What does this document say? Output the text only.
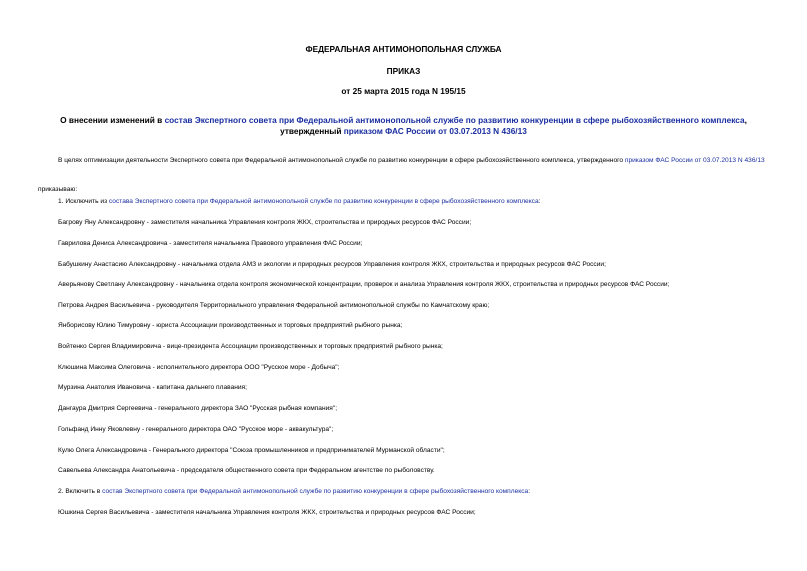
ФЕДЕРАЛЬНАЯ АНТИМОНОПОЛЬНАЯ СЛУЖБА
ПРИКАЗ
от 25 марта 2015 года N 195/15
О внесении изменений в состав Экспертного совета при Федеральной антимонопольной службе по развитию конкуренции в сфере рыбохозяйственного комплекса, утвержденный приказом ФАС России от 03.07.2013 N 436/13
В целях оптимизации деятельности Экспертного совета при Федеральной антимонопольной службе по развитию конкуренции в сфере рыбохозяйственного комплекса, утвержденного приказом ФАС России от 03.07.2013 N 436/13
приказываю:
1. Исключить из состава Экспертного совета при Федеральной антимонопольной службе по развитию конкуренции в сфере рыбохозяйственного комплекса:
Багрову Яну Александровну - заместителя начальника Управления контроля ЖКХ, строительства и природных ресурсов ФАС России;
Гаврилова Дениса Александровича - заместителя начальника Правового управления ФАС России;
Бабушкину Анастасию Александровну - начальника отдела АМЗ и экологии и природных ресурсов Управления контроля ЖКХ, строительства и природных ресурсов ФАС России;
Аверьянову Светлану Александровну - начальника отдела контроля экономической концентрации, проверок и анализа Управления контроля ЖКХ, строительства и природных ресурсов ФАС России;
Петрова Андрея Васильевича - руководителя Территориального управления Федеральной антимонопольной службы по Камчатскому краю;
Янборисову Юлию Тимуровну - юриста Ассоциации производственных и торговых предприятий рыбного рынка;
Войтенко Сергея Владимировича - вице-президента Ассоциации производственных и торговых предприятий рыбного рынка;
Клюшина Максима Олеговича - исполнительного директора ООО "Русское море - Добыча";
Мурзина Анатолия Ивановича - капитана дальнего плавания;
Дангаура Дмитрия Сергеевича - генерального директора ЗАО "Русская рыбная компания";
Гольфанд Инну Яковлевну - генерального директора ОАО "Русское море - аквакультура";
Кулю Олега Александровича - Генерального директора "Союза промышленников и предпринимателей Мурманской области";
Савельева Александра Анатольевича - председателя общественного совета при Федеральном агентстве по рыболовству.
2. Включить в состав Экспертного совета при Федеральной антимонопольной службе по развитию конкуренции в сфере рыбохозяйственного комплекса:
Юшкина Сергея Васильевича - заместителя начальника Управления контроля ЖКХ, строительства и природных ресурсов ФАС России;
